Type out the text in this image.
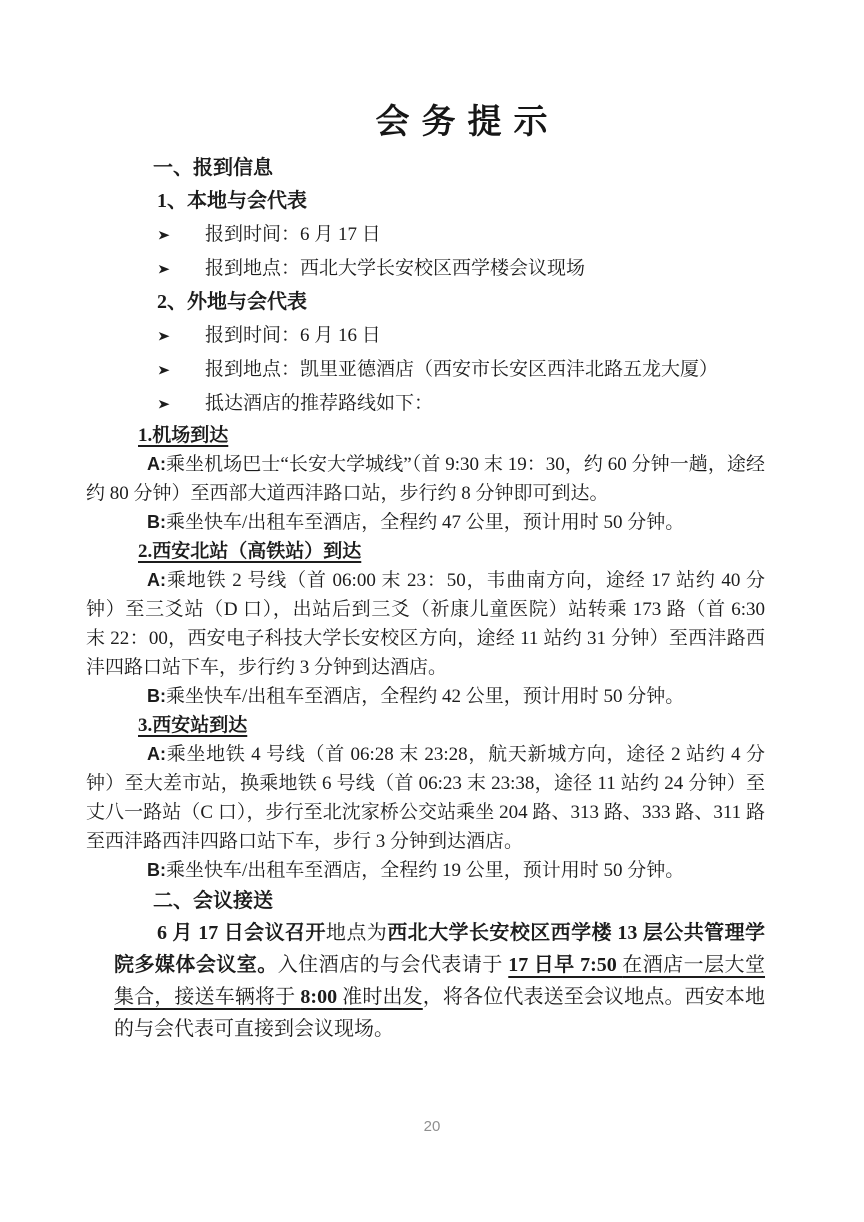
会务提示
一、报到信息
1、本地与会代表
➤ 报到时间：6 月 17 日
➤ 报到地点：西北大学长安校区西学楼会议现场
2、外地与会代表
➤ 报到时间：6 月 16 日
➤ 报到地点：凯里亚德酒店（西安市长安区西沣北路五龙大厦）
➤ 抵达酒店的推荐路线如下：
1.机场到达

A:乘坐机场巴士“长安大学城线”（首 9:30 末 19：30，约 60 分钟一趟，途经约 80 分钟）至西部大道西沣路口站，步行约 8 分钟即可到达。

B:乘坐快车/出租车至酒店，全程约 47 公里，预计用时 50 分钟。

2.西安北站（高铁站）到达

A:乘地铁 2 号线（首 06:00 末 23：50，韦曲南方向，途经 17 站约 40 分钟）至三爻站（D 口），出站后到三爻（祈康儿童医院）站转乘 173 路（首 6:30 末 22：00，西安电子科技大学长安校区方向，途经 11 站约 31 分钟）至西沣路西沣四路口站下车，步行约 3 分钟到达酒店。

B:乘坐快车/出租车至酒店，全程约 42 公里，预计用时 50 分钟。

3.西安站到达

A:乘坐地铁 4 号线（首 06:28 末 23:28，航天新城方向，途径 2 站约 4 分钟）至大差市站，换乘地铁 6 号线（首 06:23 末 23:38，途径 11 站约 24 分钟）至丈八一路站（C 口），步行至北沈家桥公交站乘坐 204 路、313 路、333 路、311 路至西沣路西沣四路口站下车，步行 3 分钟到达酒店。

B:乘坐快车/出租车至酒店，全程约 19 公里，预计用时 50 分钟。

二、会议接送

6 月 17 日会议召开地点为西北大学长安校区西学楼 13 层公共管理学院多媒体会议室。入住酒店的与会代表请于 17 日早 7:50 在酒店一层大堂集合，接送车辆将于 8:00 准时出发，将各位代表送至会议地点。西安本地的与会代表可直接到会议现场。

20
